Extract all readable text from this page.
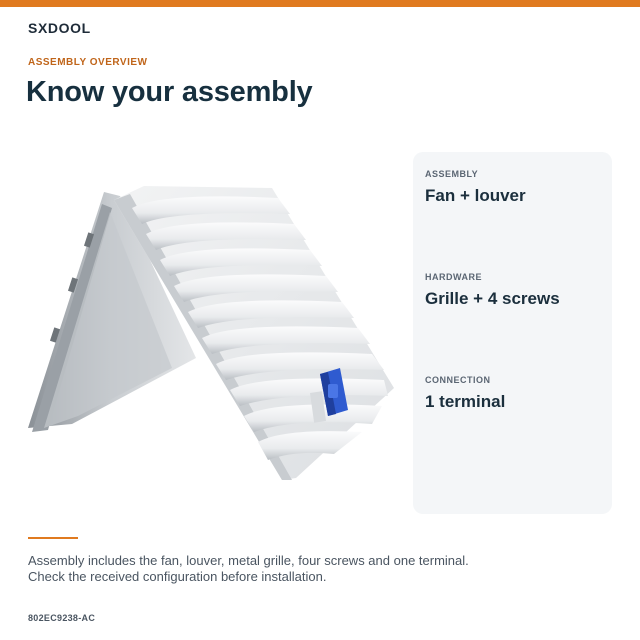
SXDOOL
ASSEMBLY OVERVIEW
Know your assembly
ASSEMBLY
Fan + louver
HARDWARE
Grille + 4 screws
CONNECTION
1 terminal

Assembly includes the fan, louver, metal grille, four screws and one terminal.

Check the received configuration before installation.

802EC9238-AC
